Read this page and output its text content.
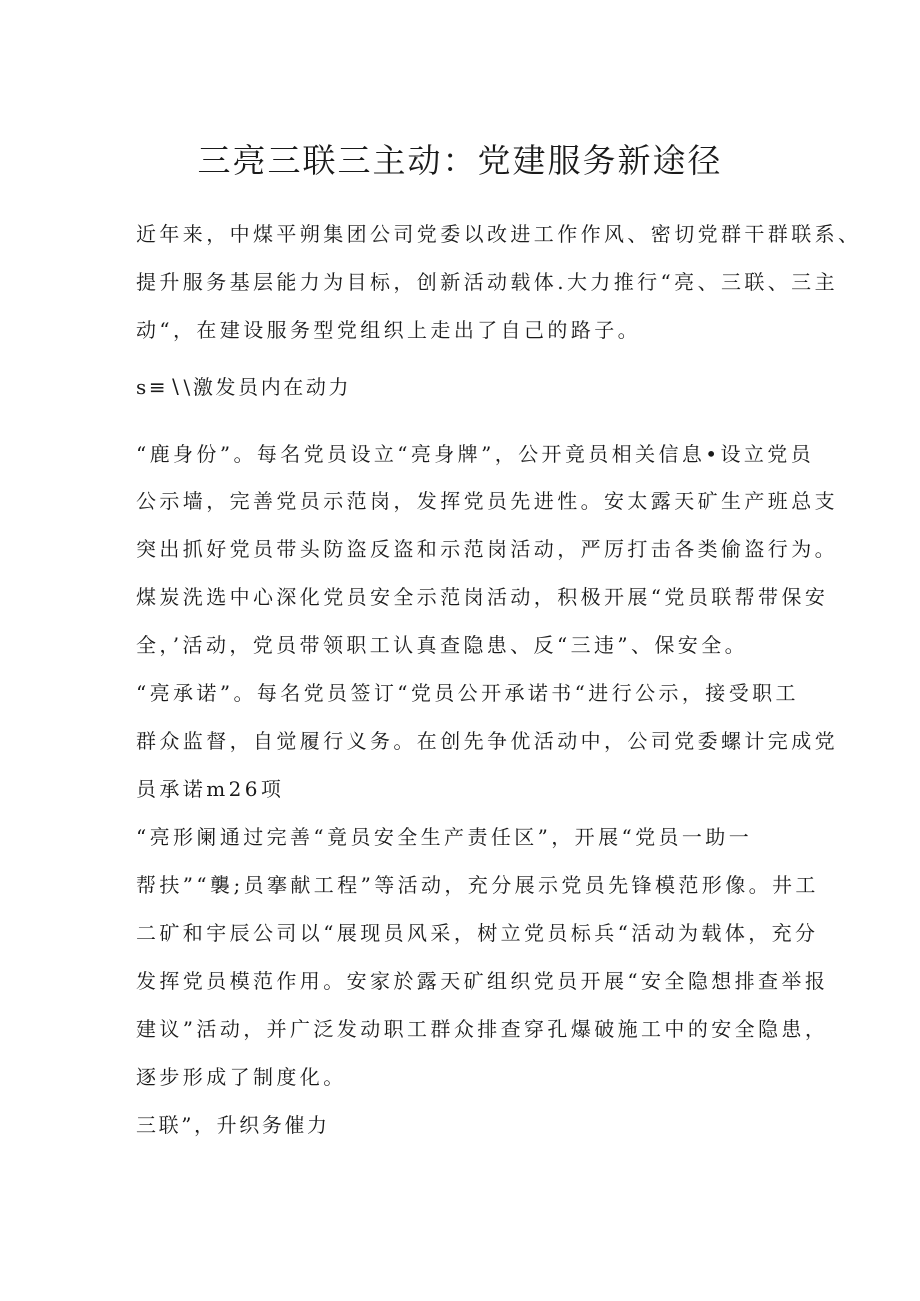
三亮三联三主动：党建服务新途径
近年来，中煤平朔集团公司党委以改进工作作风、密切党群干群联系、
提升服务基层能力为目标，创新活动载体.大力推行“亮、三联、三主
动“，在建设服务型党组织上走出了自己的路子。
s≡∖\激发员内在动力
“鹿身份”。每名党员设立“亮身牌”，公开竟员相关信息•设立党员
公示墙，完善党员示范岗，发挥党员先进性。安太露天矿生产班总支
突出抓好党员带头防盗反盗和示范岗活动，严厉打击各类偷盗行为。
煤炭洗选中心深化党员安全示范岗活动，积极开展“党员联帮带保安
全，’活动，党员带领职工认真查隐患、反“三违”、保安全。
“亮承诺”。每名党员签订“党员公开承诺书“进行公示，接受职工
群众监督，自觉履行义务。在创先争优活动中，公司党委螺计完成党
员承诺m26项
“亮形阑通过完善“竟员安全生产责任区”，开展“党员一助一
帮扶”“襲;员搴献工程”等活动，充分展示党员先锋模范形像。井工
二矿和宇辰公司以“展现员风采，树立党员标兵“活动为载体，充分
发挥党员模范作用。安家於露天矿组织党员开展“安全隐想排查举报
建议”活动，并广泛发动职工群众排查穿孔爆破施工中的安全隐患，
逐步形成了制度化。
三联”，升织务催力
